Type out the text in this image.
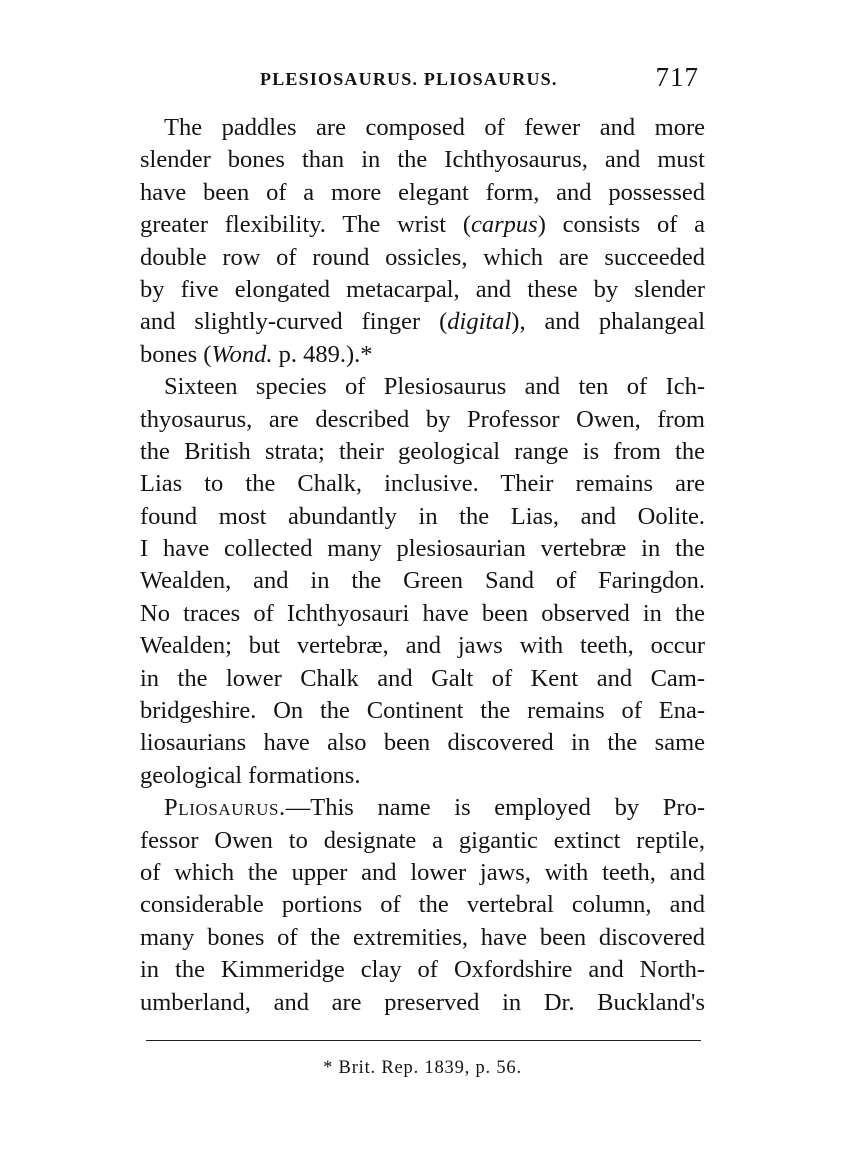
PLESIOSAURUS. PLIOSAURUS.	717
The paddles are composed of fewer and more
slender bones than in the Ichthyosaurus, and must
have been of a more elegant form, and possessed
greater flexibility. The wrist (carpus) consists of a
double row of round ossicles, which are succeeded
by five elongated metacarpal, and these by slender
and slightly-curved finger (digital), and phalangeal
bones (Wond. p. 489.).*
Sixteen species of Plesiosaurus and ten of Ich-
thyosaurus, are described by Professor Owen, from
the British strata; their geological range is from the
Lias to the Chalk, inclusive. Their remains are
found most abundantly in the Lias, and Oolite.
I have collected many plesiosaurian vertebræ in the
Wealden, and in the Green Sand of Faringdon.
No traces of Ichthyosauri have been observed in the
Wealden; but vertebræ, and jaws with teeth, occur
in the lower Chalk and Galt of Kent and Cam-
bridgeshire. On the Continent the remains of Ena-
liosaurians have also been discovered in the same
geological formations.
Pliosaurus.—This name is employed by Pro-
fessor Owen to designate a gigantic extinct reptile,
of which the upper and lower jaws, with teeth, and
considerable portions of the vertebral column, and
many bones of the extremities, have been discovered
in the Kimmeridge clay of Oxfordshire and North-
umberland, and are preserved in Dr. Buckland's
* Brit. Rep. 1839, p. 56.
